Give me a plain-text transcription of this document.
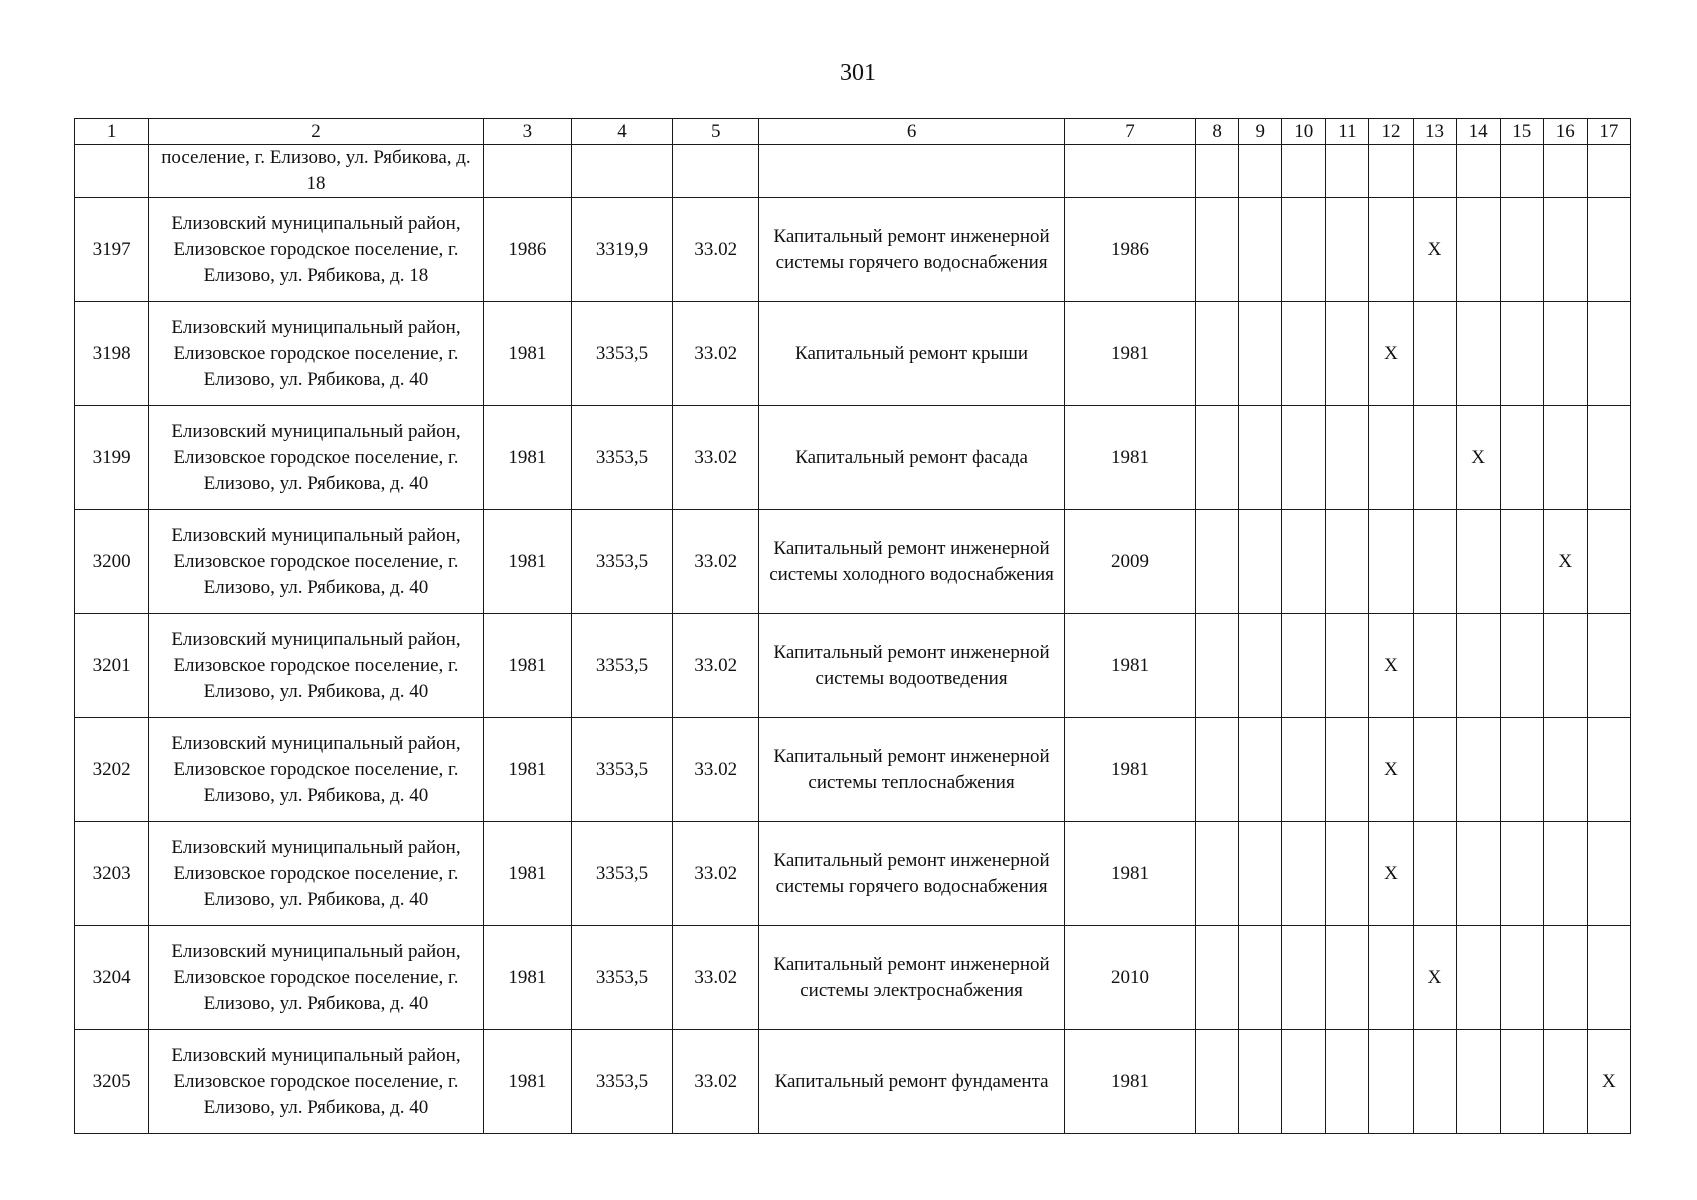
301
1	2	3	4	5	6	7	8	9	10	11	12	13	14	15	16	17
	поселение, г. Елизово, ул. Рябикова, д. 18															
3197	Елизовский муниципальный район, Елизовское городское поселение, г. Елизово, ул. Рябикова, д. 18	1986	3319,9	33.02	Капитальный ремонт инженерной системы горячего водоснабжения	1986						X				
3198	Елизовский муниципальный район, Елизовское городское поселение, г. Елизово, ул. Рябикова, д. 40	1981	3353,5	33.02	Капитальный ремонт крыши	1981					X					
3199	Елизовский муниципальный район, Елизовское городское поселение, г. Елизово, ул. Рябикова, д. 40	1981	3353,5	33.02	Капитальный ремонт фасада	1981							X			
3200	Елизовский муниципальный район, Елизовское городское поселение, г. Елизово, ул. Рябикова, д. 40	1981	3353,5	33.02	Капитальный ремонт инженерной системы холодного водоснабжения	2009									X	
3201	Елизовский муниципальный район, Елизовское городское поселение, г. Елизово, ул. Рябикова, д. 40	1981	3353,5	33.02	Капитальный ремонт инженерной системы водоотведения	1981					X					
3202	Елизовский муниципальный район, Елизовское городское поселение, г. Елизово, ул. Рябикова, д. 40	1981	3353,5	33.02	Капитальный ремонт инженерной системы теплоснабжения	1981					X					
3203	Елизовский муниципальный район, Елизовское городское поселение, г. Елизово, ул. Рябикова, д. 40	1981	3353,5	33.02	Капитальный ремонт инженерной системы горячего водоснабжения	1981					X					
3204	Елизовский муниципальный район, Елизовское городское поселение, г. Елизово, ул. Рябикова, д. 40	1981	3353,5	33.02	Капитальный ремонт инженерной системы электроснабжения	2010						X				
3205	Елизовский муниципальный район, Елизовское городское поселение, г. Елизово, ул. Рябикова, д. 40	1981	3353,5	33.02	Капитальный ремонт фундамента	1981										X
